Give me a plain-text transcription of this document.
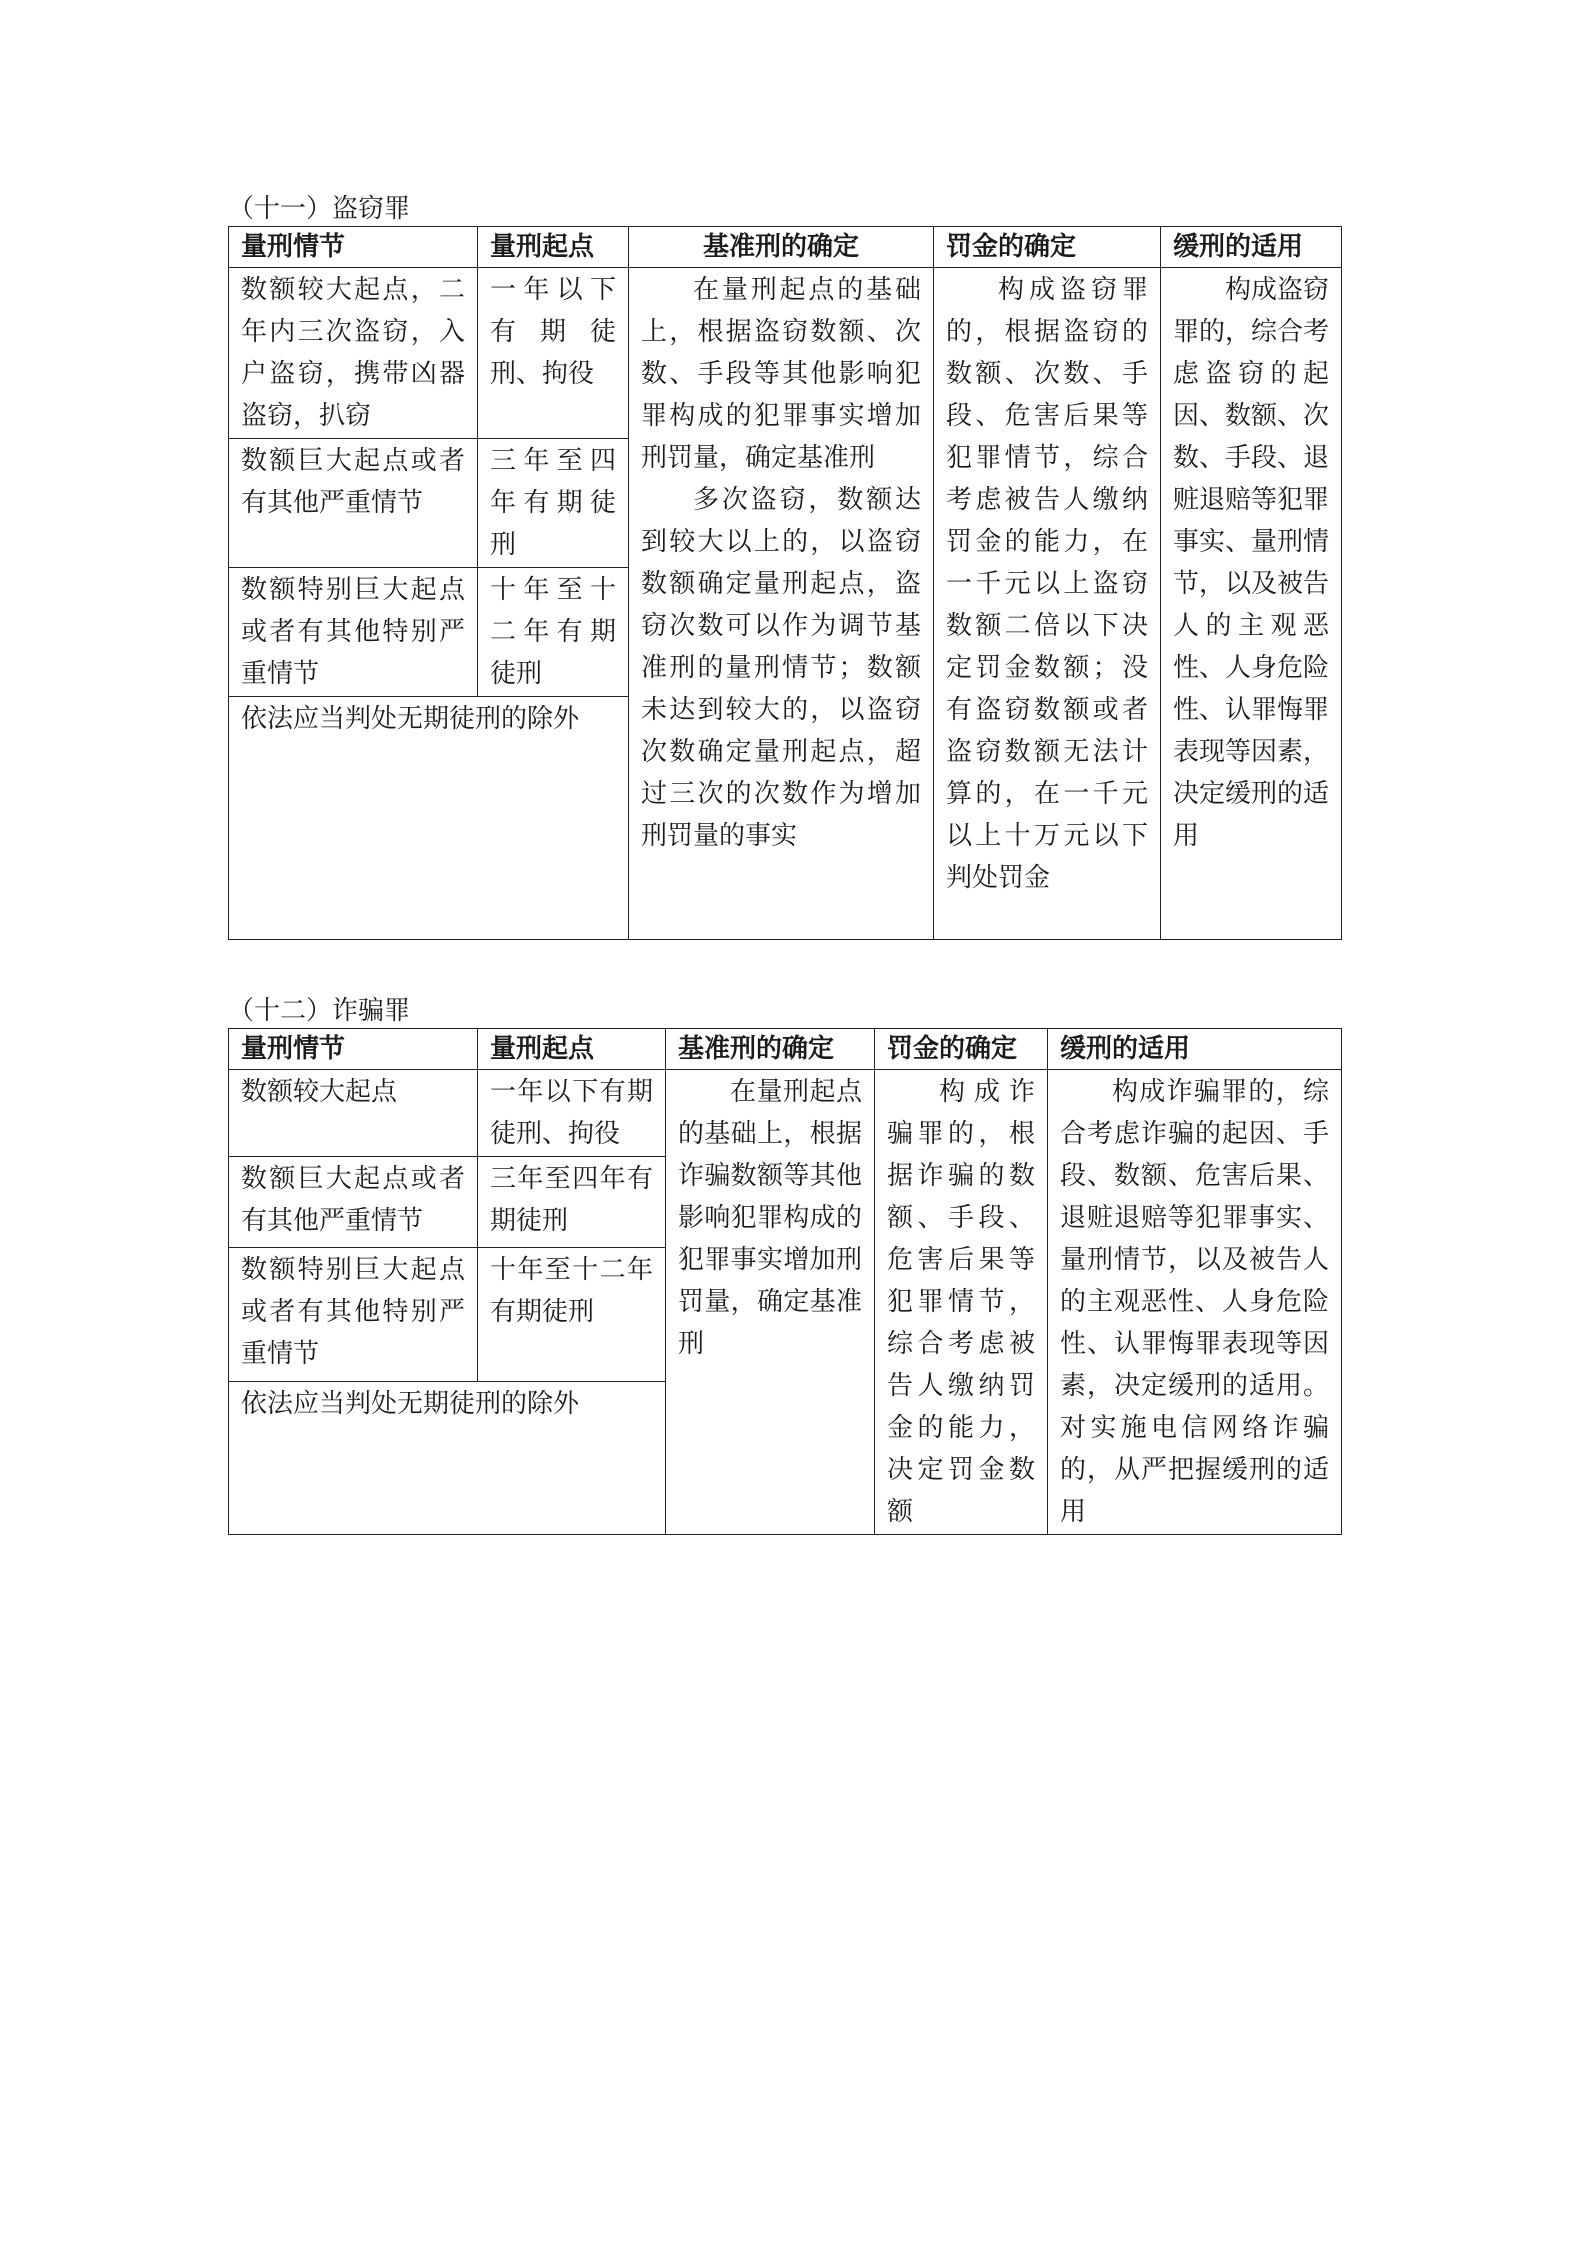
（十一）盗窃罪
量刑情节	量刑起点	基准刑的确定	罚金的确定	缓刑的适用
数额较大起点，二年内三次盗窃，入户盗窃，携带凶器盗窃，扒窃	一年以下有期徒刑、拘役	在量刑起点的基础上，根据盗窃数额、次数、手段等其他影响犯罪构成的犯罪事实增加刑罚量，确定基准刑

多次盗窃，数额达到较大以上的，以盗窃数额确定量刑起点，盗窃次数可以作为调节基准刑的量刑情节；数额未达到较大的，以盗窃次数确定量刑起点，超过三次的次数作为增加刑罚量的事实	构成盗窃罪的，根据盗窃的数额、次数、手段、危害后果等犯罪情节，综合考虑被告人缴纳罚金的能力，在一千元以上盗窃数额二倍以下决定罚金数额；没有盗窃数额或者盗窃数额无法计算的，在一千元以上十万元以下判处罚金	构成盗窃罪的，综合考虑盗窃的起因、数额、次数、手段、退赃退赔等犯罪事实、量刑情节，以及被告人的主观恶性、人身危险性、认罪悔罪表现等因素，决定缓刑的适用
数额巨大起点或者有其他严重情节	三年至四年有期徒刑			
数额特别巨大起点或者有其他特别严重情节	十年至十二年有期徒刑			
依法应当判处无期徒刑的除外				
（十二）诈骗罪
量刑情节	量刑起点	基准刑的确定	罚金的确定	缓刑的适用
数额较大起点	一年以下有期徒刑、拘役	在量刑起点的基础上，根据诈骗数额等其他影响犯罪构成的犯罪事实增加刑罚量，确定基准刑	构成诈骗罪的，根据诈骗的数额、手段、危害后果等犯罪情节，综合考虑被告人缴纳罚金的能力，决定罚金数额	构成诈骗罪的，综合考虑诈骗的起因、手段、数额、危害后果、退赃退赔等犯罪事实、量刑情节，以及被告人的主观恶性、人身危险性、认罪悔罪表现等因素，决定缓刑的适用。对实施电信网络诈骗的，从严把握缓刑的适用
数额巨大起点或者有其他严重情节	三年至四年有期徒刑			
数额特别巨大起点或者有其他特别严重情节	十年至十二年有期徒刑			
依法应当判处无期徒刑的除外				
